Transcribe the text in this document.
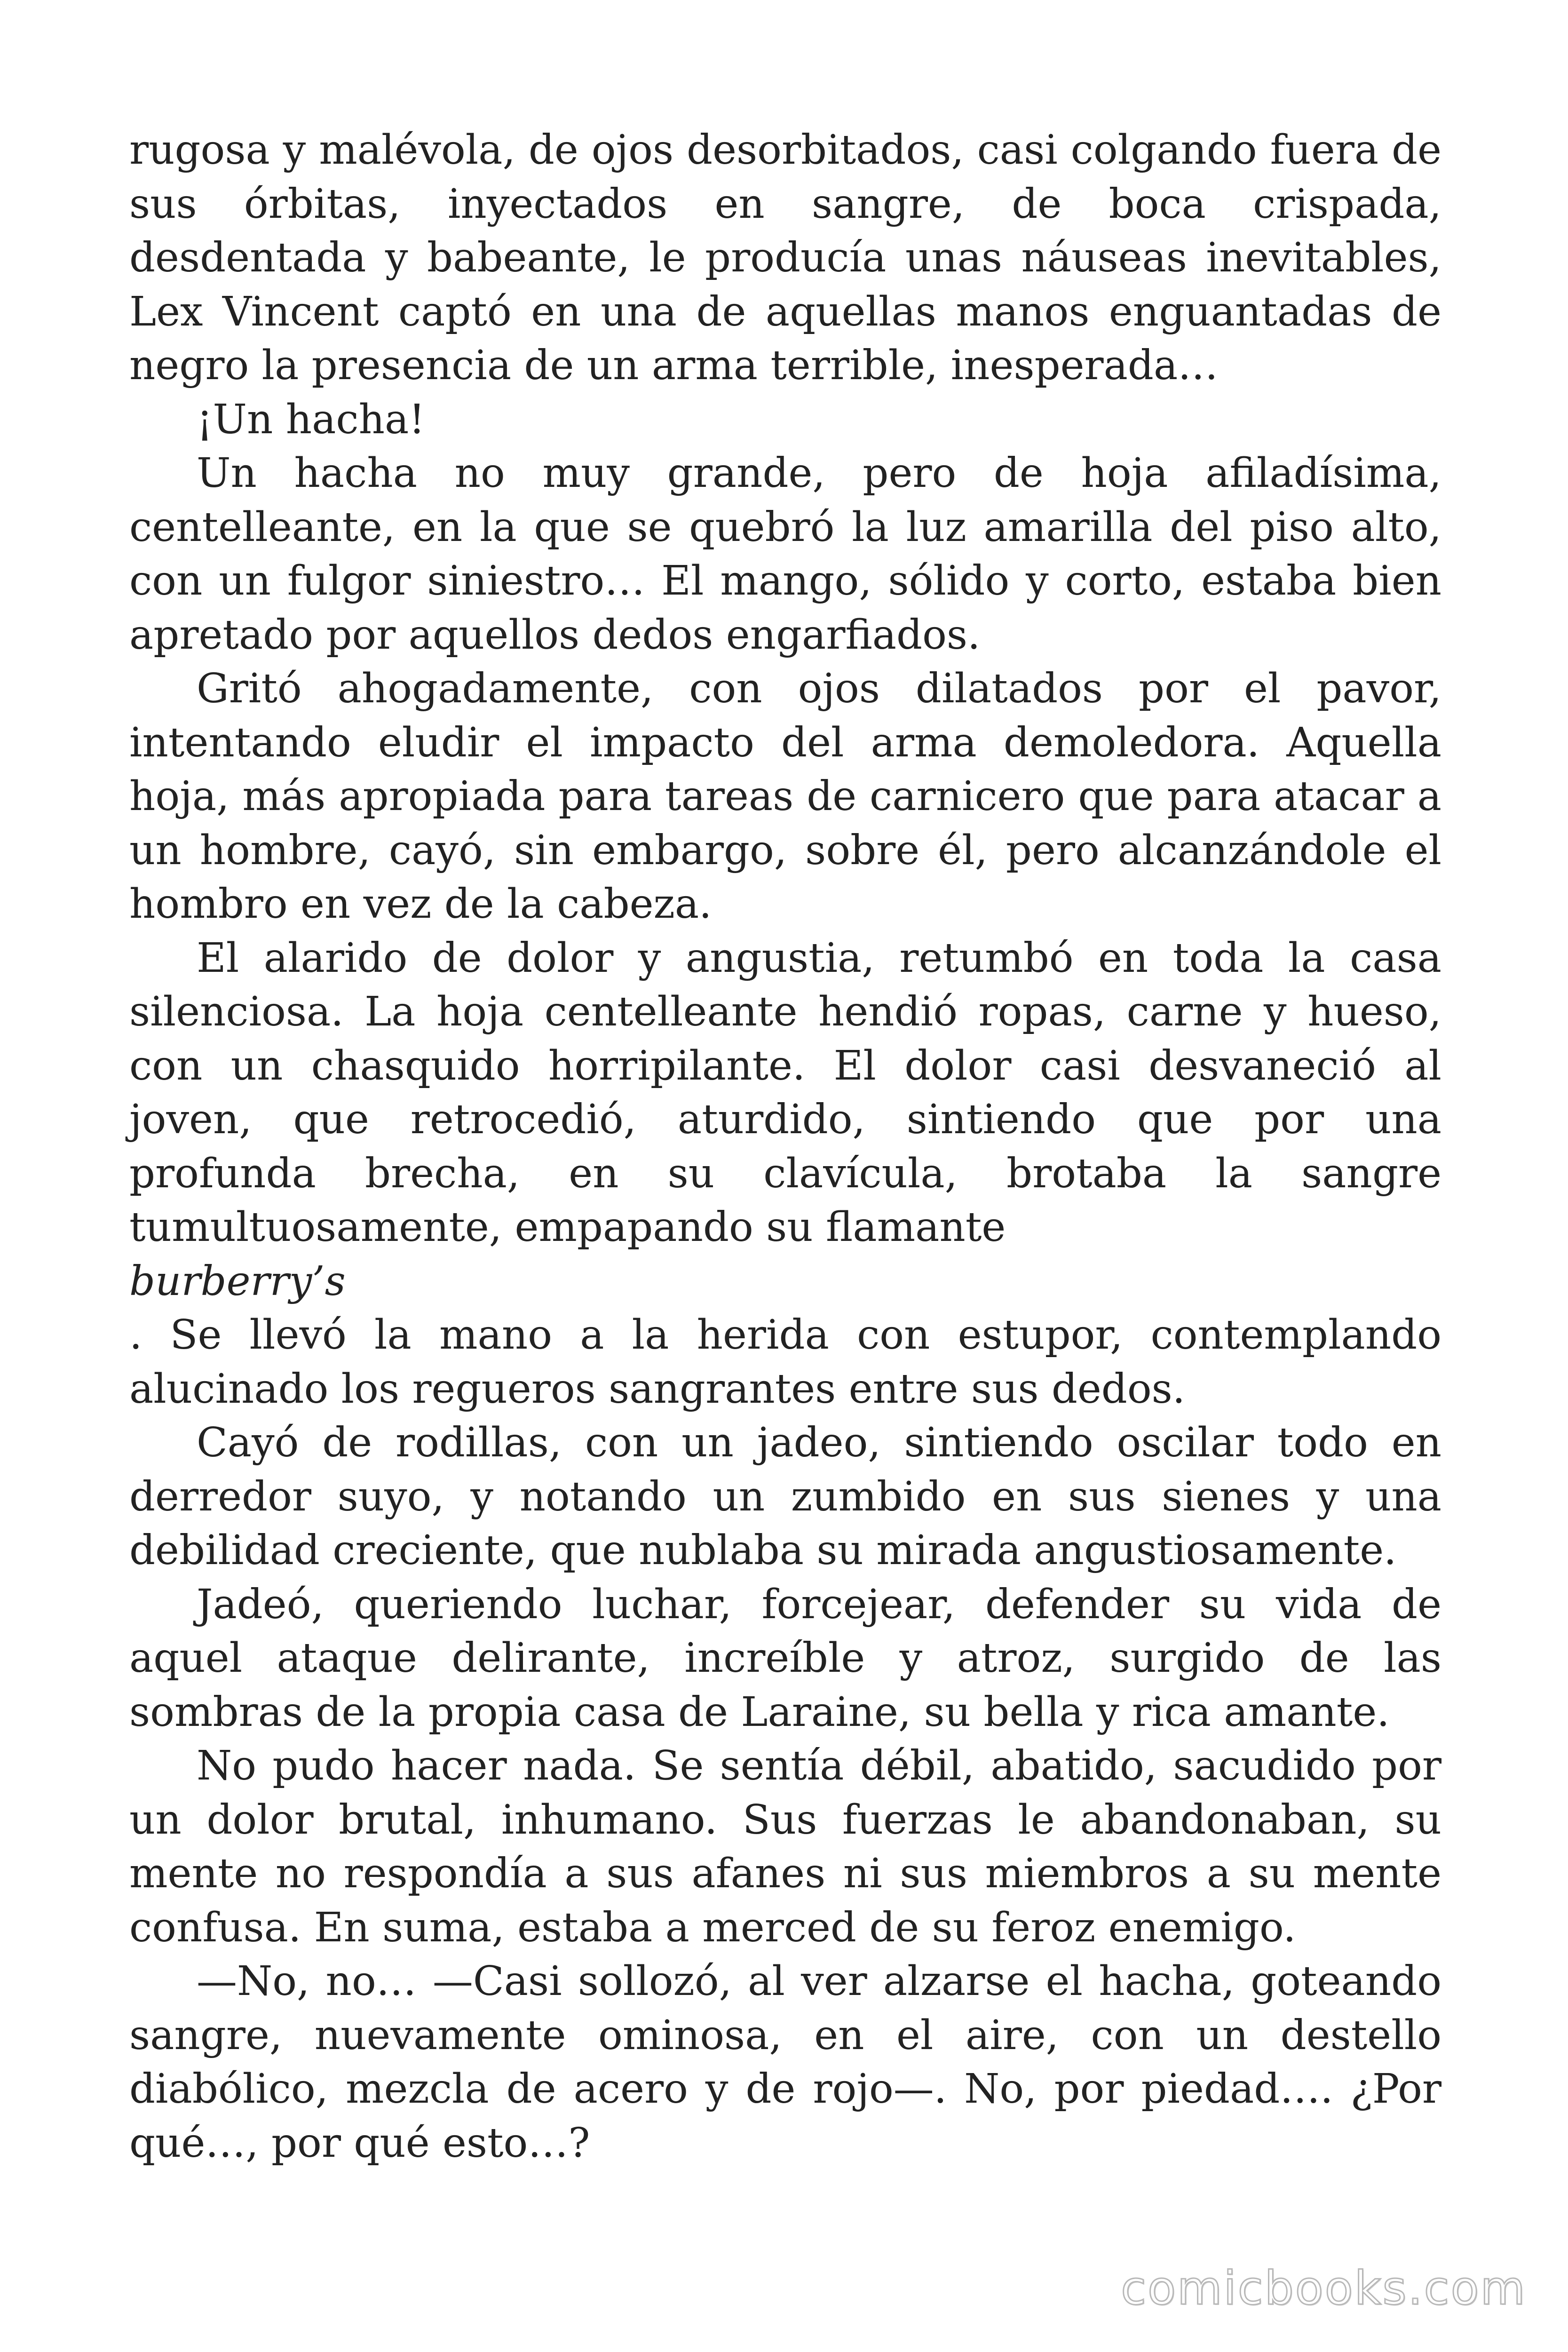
rugosa y malévola, de ojos desorbitados, casi colgando fuera de sus órbitas, inyectados en sangre, de boca crispada, desdentada y babeante, le producía unas náuseas inevitables, Lex Vincent captó en una de aquellas manos enguantadas de negro la presencia de un arma terrible, inesperada…

¡Un hacha!

Un hacha no muy grande, pero de hoja afiladísima, centelleante, en la que se quebró la luz amarilla del piso alto, con un fulgor siniestro… El mango, sólido y corto, estaba bien apretado por aquellos dedos engarfiados.

Gritó ahogadamente, con ojos dilatados por el pavor, intentando eludir el impacto del arma demoledora. Aquella hoja, más apropiada para tareas de carnicero que para atacar a un hombre, cayó, sin embargo, sobre él, pero alcanzándole el hombro en vez de la cabeza.

El alarido de dolor y angustia, retumbó en toda la casa silenciosa. La hoja centelleante hendió ropas, carne y hueso, con un chasquido horripilante. El dolor casi desvaneció al joven, que retrocedió, aturdido, sintiendo que por una profunda brecha, en su clavícula, brotaba la sangre tumultuosamente, empapando su flamante

burberry’s

. Se llevó la mano a la herida con estupor, contemplando alucinado los regueros sangrantes entre sus dedos.

Cayó de rodillas, con un jadeo, sintiendo oscilar todo en derredor suyo, y notando un zumbido en sus sienes y una debilidad creciente, que nublaba su mirada angustiosamente.

Jadeó, queriendo luchar, forcejear, defender su vida de aquel ataque delirante, increíble y atroz, surgido de las sombras de la propia casa de Laraine, su bella y rica amante.

No pudo hacer nada. Se sentía débil, abatido, sacudido por un dolor brutal, inhumano. Sus fuerzas le abandonaban, su mente no respondía a sus afanes ni sus miembros a su mente confusa. En suma, estaba a merced de su feroz enemigo.

—No, no… —Casi sollozó, al ver alzarse el hacha, goteando sangre, nuevamente ominosa, en el aire, con un destello diabólico, mezcla de acero y de rojo—. No, por piedad…. ¿Por qué…, por qué esto…?

comicbooks.com
